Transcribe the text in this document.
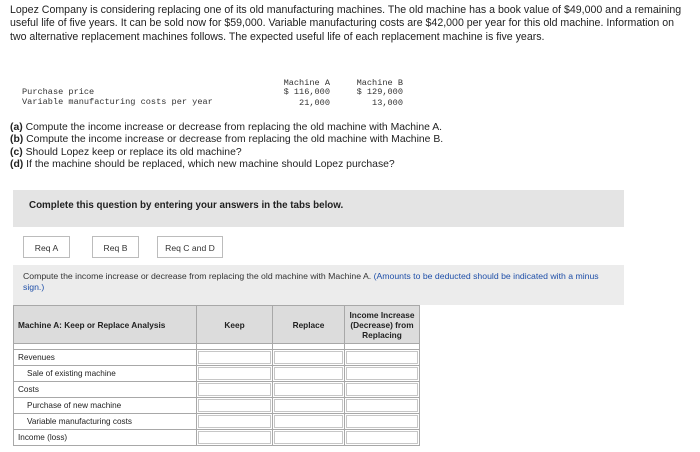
Lopez Company is considering replacing one of its old manufacturing machines. The old machine has a book value of $49,000 and a remaining useful life of five years. It can be sold now for $59,000. Variable manufacturing costs are $42,000 per year for this old machine. Information on two alternative replacement machines follows. The expected useful life of each replacement machine is five years.
Machine A	Machine B
Purchase price	$ 116,000	$ 129,000
Variable manufacturing costs per year	21,000	13,000
(a) Compute the income increase or decrease from replacing the old machine with Machine A.
(b) Compute the income increase or decrease from replacing the old machine with Machine B.
(c) Should Lopez keep or replace its old machine?
(d) If the machine should be replaced, which new machine should Lopez purchase?
Complete this question by entering your answers in the tabs below.
Req A	Req B	Req C and D
Compute the income increase or decrease from replacing the old machine with Machine A. (Amounts to be deducted should be indicated with a minus sign.)
Machine A: Keep or Replace Analysis	Keep	Replace	Income Increase (Decrease) from Replacing

Revenues	

Sale of existing machine	

Costs	

Purchase of new machine	

Variable manufacturing costs	

Income (loss)	
